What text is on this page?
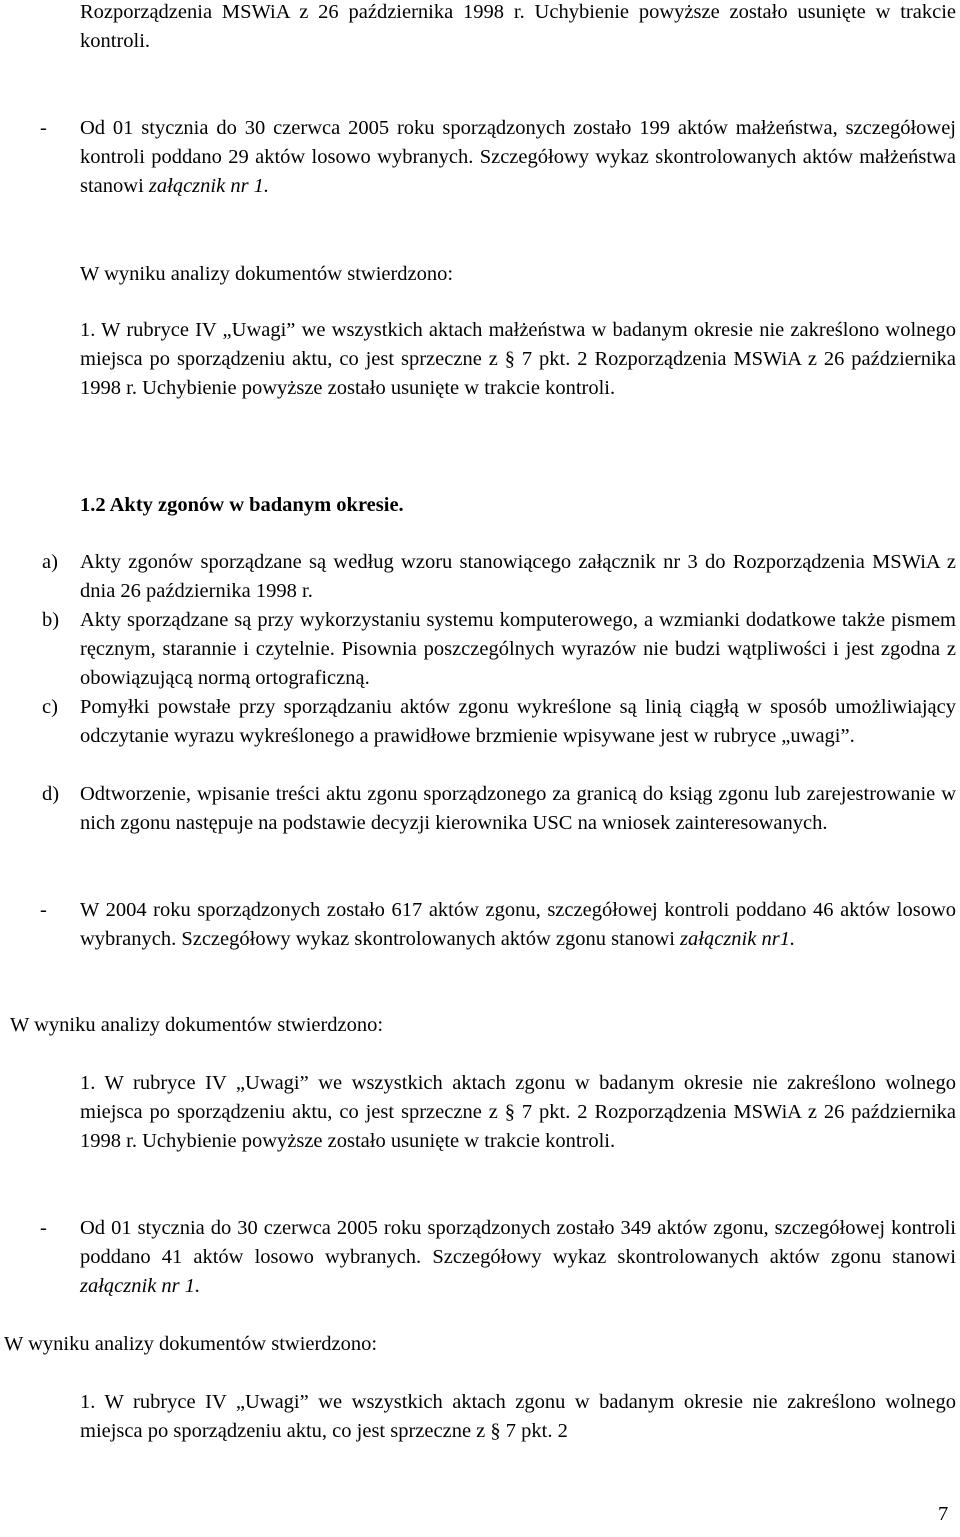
Rozporządzenia MSWiA z 26 października 1998 r. Uchybienie powyższe zostało usunięte w trakcie kontroli.

- Od 01 stycznia do 30 czerwca 2005 roku sporządzonych zostało 199 aktów małżeństwa, szczegółowej kontroli poddano 29 aktów losowo wybranych. Szczegółowy wykaz skontrolowanych aktów małżeństwa stanowi załącznik nr 1.

W wyniku analizy dokumentów stwierdzono:

1. W rubryce IV „Uwagi” we wszystkich aktach małżeństwa w badanym okresie nie zakreślono wolnego miejsca po sporządzeniu aktu, co jest sprzeczne z § 7 pkt. 2 Rozporządzenia MSWiA z 26 października 1998 r. Uchybienie powyższe zostało usunięte w trakcie kontroli.

1.2 Akty zgonów w badanym okresie.

a) Akty zgonów sporządzane są według wzoru stanowiącego załącznik nr 3 do Rozporządzenia MSWiA z dnia 26 października 1998 r.

b) Akty sporządzane są przy wykorzystaniu systemu komputerowego, a wzmianki dodatkowe także pismem ręcznym, starannie i czytelnie. Pisownia poszczególnych wyrazów nie budzi wątpliwości i jest zgodna z obowiązującą normą ortograficzną.

c) Pomyłki powstałe przy sporządzaniu aktów zgonu wykreślone są linią ciągłą w sposób umożliwiający odczytanie wyrazu wykreślonego a prawidłowe brzmienie wpisywane jest w rubryce „uwagi”.

d) Odtworzenie, wpisanie treści aktu zgonu sporządzonego za granicą do ksiąg zgonu lub zarejestrowanie w nich zgonu następuje na podstawie decyzji kierownika USC na wniosek zainteresowanych.

- W 2004 roku sporządzonych zostało 617 aktów zgonu, szczegółowej kontroli poddano 46 aktów losowo wybranych. Szczegółowy wykaz skontrolowanych aktów zgonu stanowi załącznik nr1.

W wyniku analizy dokumentów stwierdzono:

1. W rubryce IV „Uwagi” we wszystkich aktach zgonu w badanym okresie nie zakreślono wolnego miejsca po sporządzeniu aktu, co jest sprzeczne z § 7 pkt. 2 Rozporządzenia MSWiA z 26 października 1998 r. Uchybienie powyższe zostało usunięte w trakcie kontroli.

- Od 01 stycznia do 30 czerwca 2005 roku sporządzonych zostało 349 aktów zgonu, szczegółowej kontroli poddano 41 aktów losowo wybranych. Szczegółowy wykaz skontrolowanych aktów zgonu stanowi załącznik nr 1.

W wyniku analizy dokumentów stwierdzono:

1. W rubryce IV „Uwagi” we wszystkich aktach zgonu w badanym okresie nie zakreślono wolnego miejsca po sporządzeniu aktu, co jest sprzeczne z § 7 pkt. 2

7
